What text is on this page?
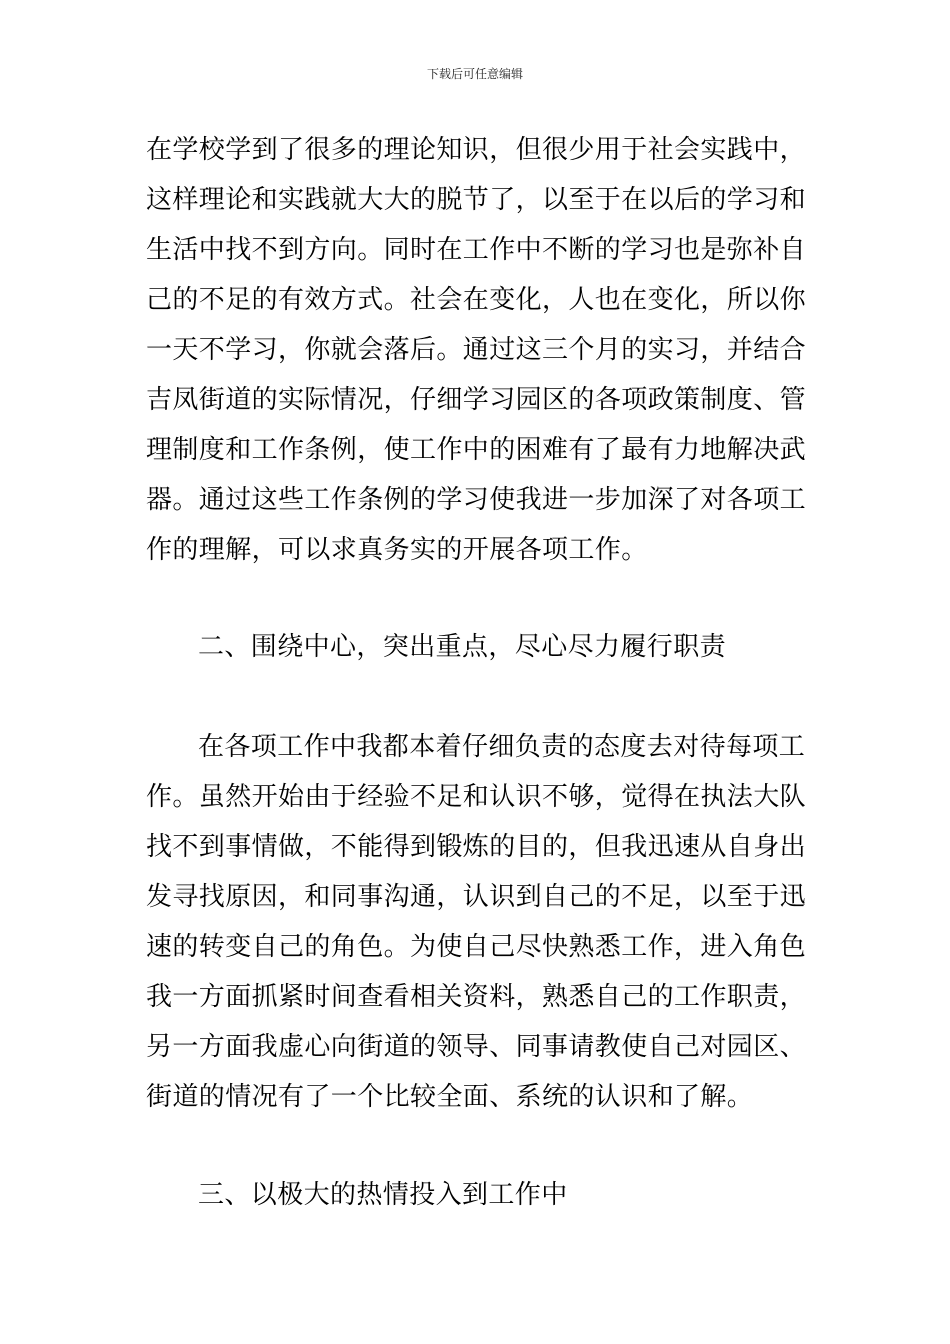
下载后可任意编辑
在学校学到了很多的理论知识，但很少用于社会实践中，
这样理论和实践就大大的脱节了，以至于在以后的学习和
生活中找不到方向。同时在工作中不断的学习也是弥补自
己的不足的有效方式。社会在变化，人也在变化，所以你
一天不学习，你就会落后。通过这三个月的实习，并结合
吉凤街道的实际情况，仔细学习园区的各项政策制度、管
理制度和工作条例，使工作中的困难有了最有力地解决武
器。通过这些工作条例的学习使我进一步加深了对各项工
作的理解，可以求真务实的开展各项工作。
二、围绕中心，突出重点，尽心尽力履行职责
在各项工作中我都本着仔细负责的态度去对待每项工
作。虽然开始由于经验不足和认识不够，觉得在执法大队
找不到事情做，不能得到锻炼的目的，但我迅速从自身出
发寻找原因，和同事沟通，认识到自己的不足，以至于迅
速的转变自己的角色。为使自己尽快熟悉工作，进入角色
我一方面抓紧时间查看相关资料，熟悉自己的工作职责，
另一方面我虚心向街道的领导、同事请教使自己对园区、
街道的情况有了一个比较全面、系统的认识和了解。
三、以极大的热情投入到工作中
